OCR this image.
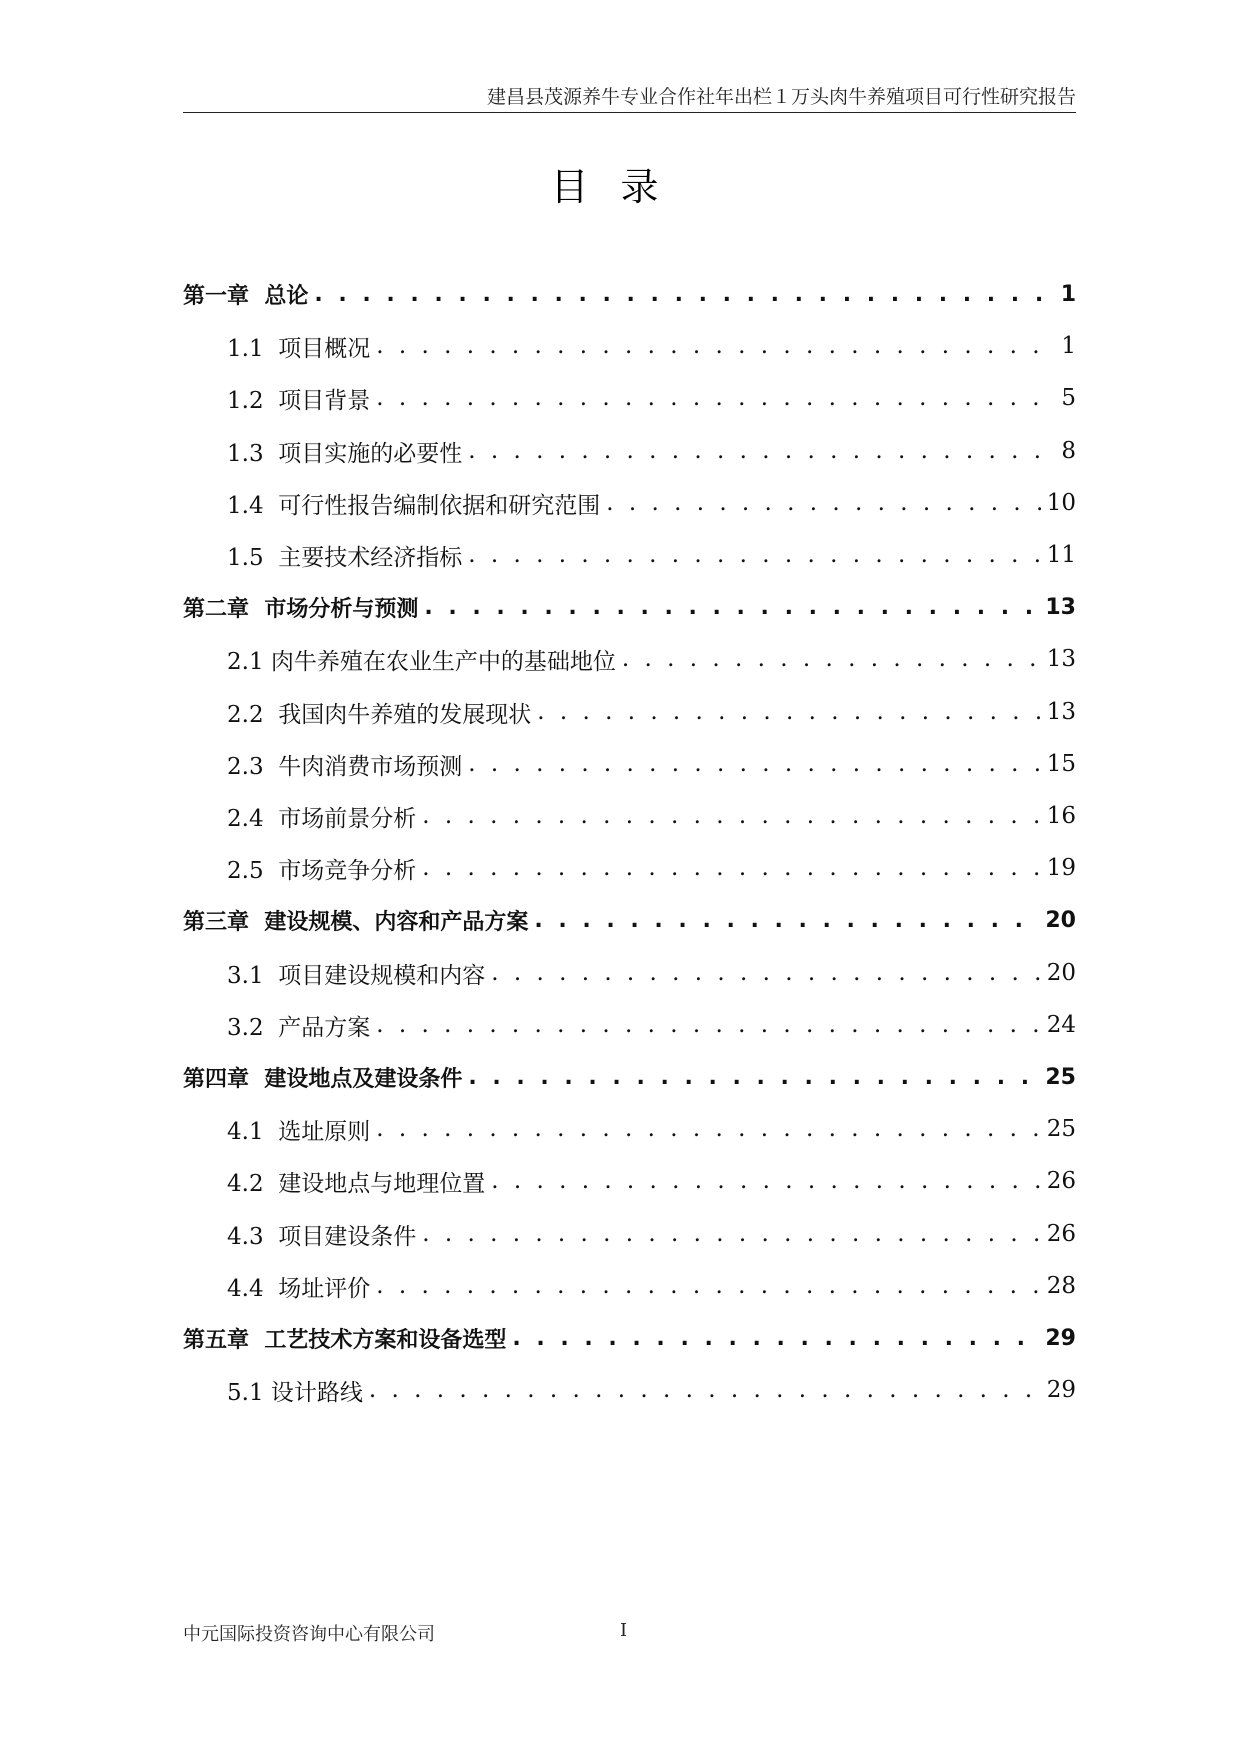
建昌县茂源养牛专业合作社年出栏１万头肉牛养殖项目可行性研究报告
目录
第一章  总论 . . .	1
1.1  项目概况 . . .	1
1.2  项目背景 . . .	5
1.3  项目实施的必要性 . . .	8
1.4  可行性报告编制依据和研究范围 . . .	10
1.5  主要技术经济指标 . . .	11
第二章  市场分析与预测 . . .	13
2.1 肉牛养殖在农业生产中的基础地位 . . .	13
2.2  我国肉牛养殖的发展现状 . . .	13
2.3  牛肉消费市场预测 . . .	15
2.4  市场前景分析 . . .	16
2.5  市场竞争分析 . . .	19
第三章  建设规模、内容和产品方案 . . .	20
3.1  项目建设规模和内容 . . .	20
3.2  产品方案 . . .	24
第四章  建设地点及建设条件 . . .	25
4.1  选址原则 . . .	25
4.2  建设地点与地理位置 . . .	26
4.3  项目建设条件 . . .	26
4.4  场址评价 . . .	28
第五章  工艺技术方案和设备选型 . . .	29
5.1 设计路线 . . .	29
中元国际投资咨询中心有限公司	I
